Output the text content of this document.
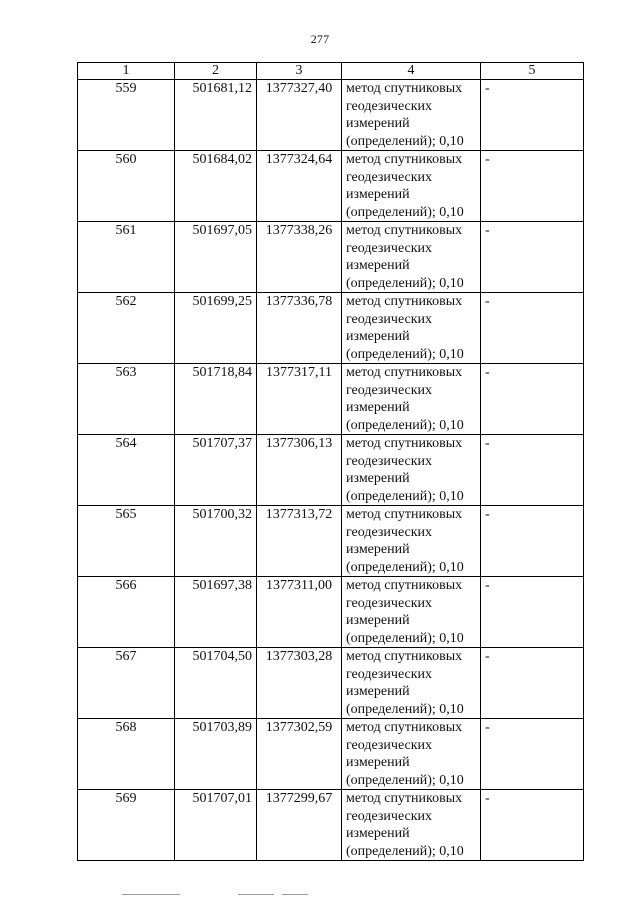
277
1	2	3	4	5
559	501681,12	1377327,40	метод спутниковых
геодезических
измерений
(определений); 0,10	-
560	501684,02	1377324,64	метод спутниковых
геодезических
измерений
(определений); 0,10	-
561	501697,05	1377338,26	метод спутниковых
геодезических
измерений
(определений); 0,10	-
562	501699,25	1377336,78	метод спутниковых
геодезических
измерений
(определений); 0,10	-
563	501718,84	1377317,11	метод спутниковых
геодезических
измерений
(определений); 0,10	-
564	501707,37	1377306,13	метод спутниковых
геодезических
измерений
(определений); 0,10	-
565	501700,32	1377313,72	метод спутниковых
геодезических
измерений
(определений); 0,10	-
566	501697,38	1377311,00	метод спутниковых
геодезических
измерений
(определений); 0,10	-
567	501704,50	1377303,28	метод спутниковых
геодезических
измерений
(определений); 0,10	-
568	501703,89	1377302,59	метод спутниковых
геодезических
измерений
(определений); 0,10	-
569	501707,01	1377299,67	метод спутниковых
геодезических
измерений
(определений); 0,10	-
